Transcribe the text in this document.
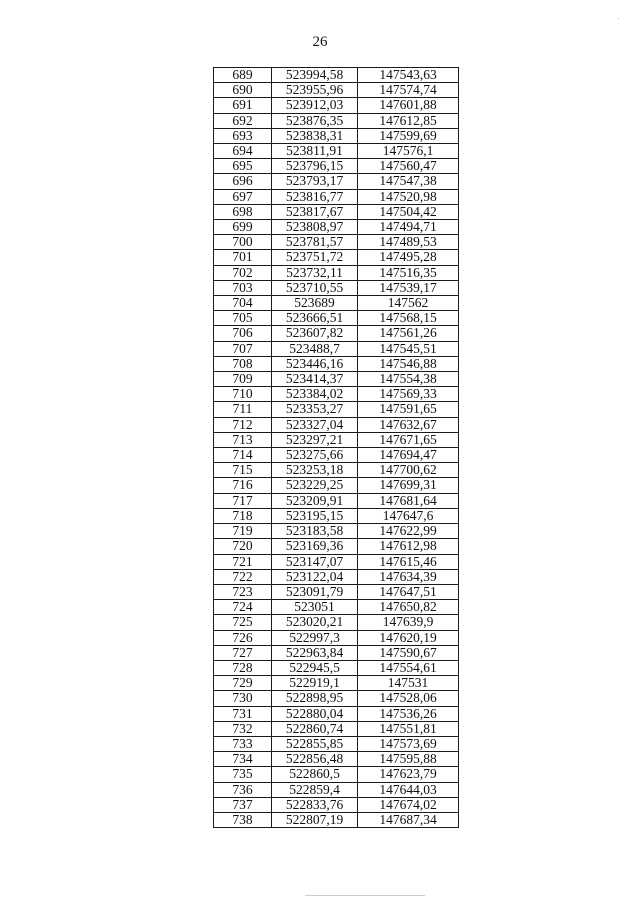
26
689	523994,58	147543,63
690	523955,96	147574,74
691	523912,03	147601,88
692	523876,35	147612,85
693	523838,31	147599,69
694	523811,91	147576,1
695	523796,15	147560,47
696	523793,17	147547,38
697	523816,77	147520,98
698	523817,67	147504,42
699	523808,97	147494,71
700	523781,57	147489,53
701	523751,72	147495,28
702	523732,11	147516,35
703	523710,55	147539,17
704	523689	147562
705	523666,51	147568,15
706	523607,82	147561,26
707	523488,7	147545,51
708	523446,16	147546,88
709	523414,37	147554,38
710	523384,02	147569,33
711	523353,27	147591,65
712	523327,04	147632,67
713	523297,21	147671,65
714	523275,66	147694,47
715	523253,18	147700,62
716	523229,25	147699,31
717	523209,91	147681,64
718	523195,15	147647,6
719	523183,58	147622,99
720	523169,36	147612,98
721	523147,07	147615,46
722	523122,04	147634,39
723	523091,79	147647,51
724	523051	147650,82
725	523020,21	147639,9
726	522997,3	147620,19
727	522963,84	147590,67
728	522945,5	147554,61
729	522919,1	147531
730	522898,95	147528,06
731	522880,04	147536,26
732	522860,74	147551,81
733	522855,85	147573,69
734	522856,48	147595,88
735	522860,5	147623,79
736	522859,4	147644,03
737	522833,76	147674,02
738	522807,19	147687,34
